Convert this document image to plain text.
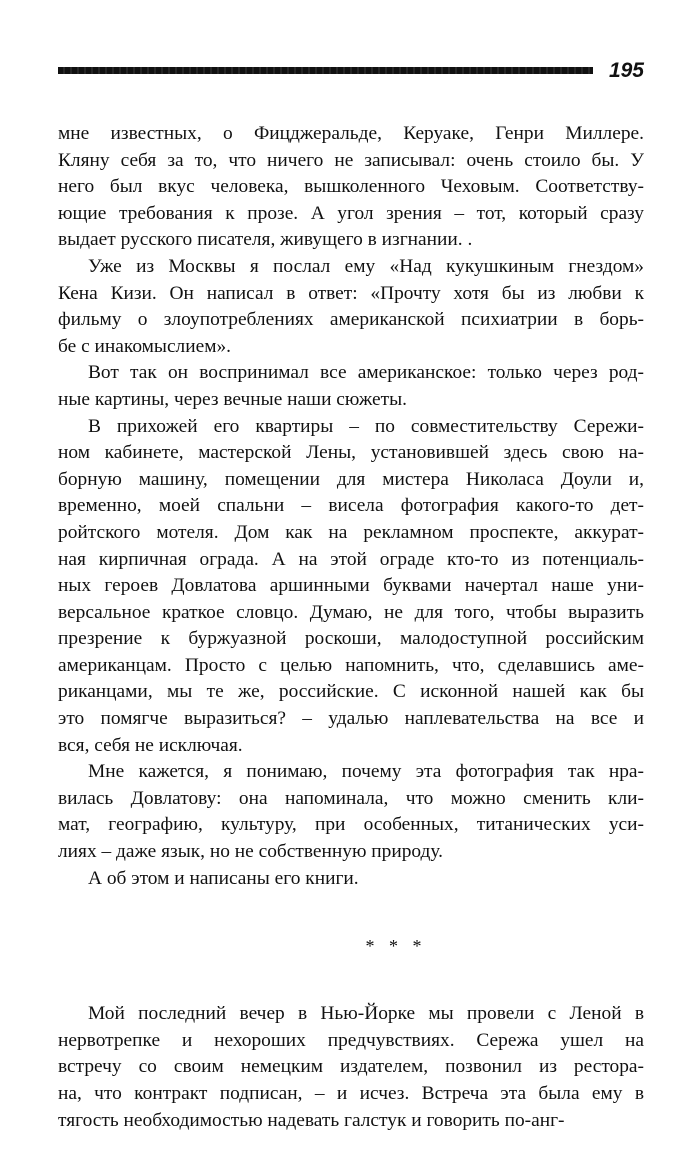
195

мне известных, о Фицджеральде, Керуаке, Генри Миллере.
Кляну себя за то, что ничего не записывал: очень стоило бы. У
него был вкус человека, вышколенного Чеховым. Соответству-
ющие требования к прозе. А угол зрения – тот, который сразу
выдает русского писателя, живущего в изгнании. .

Уже из Москвы я послал ему «Над кукушкиным гнездом»
Кена Кизи. Он написал в ответ: «Прочту хотя бы из любви к
фильму о злоупотреблениях американской психиатрии в борь-
бе с инакомыслием».

Вот так он воспринимал все американское: только через род-
ные картины, через вечные наши сюжеты.

В прихожей его квартиры – по совместительству Сережи-
ном кабинете, мастерской Лены, установившей здесь свою на-
борную машину, помещении для мистера Николаса Доули и,
временно, моей спальни – висела фотография какого-то дет-
ройтского мотеля. Дом как на рекламном проспекте, аккурат-
ная кирпичная ограда. А на этой ограде кто-то из потенциаль-
ных героев Довлатова аршинными буквами начертал наше уни-
версальное краткое словцо. Думаю, не для того, чтобы выразить
презрение к буржуазной роскоши, малодоступной российским
американцам. Просто с целью напомнить, что, сделавшись аме-
риканцами, мы те же, российские. С исконной нашей как бы
это помягче выразиться? – удалью наплевательства на все и
вся, себя не исключая.

Мне кажется, я понимаю, почему эта фотография так нра-
вилась Довлатову: она напоминала, что можно сменить кли-
мат, географию, культуру, при особенных, титанических уси-
лиях – даже язык, но не собственную природу.

А об этом и написаны его книги.

* * *

Мой последний вечер в Нью-Йорке мы провели с Леной в
нервотрепке и нехороших предчувствиях. Сережа ушел на
встречу со своим немецким издателем, позвонил из рестора-
на, что контракт подписан, – и исчез. Встреча эта была ему в
тягость необходимостью надевать галстук и говорить по-анг-
